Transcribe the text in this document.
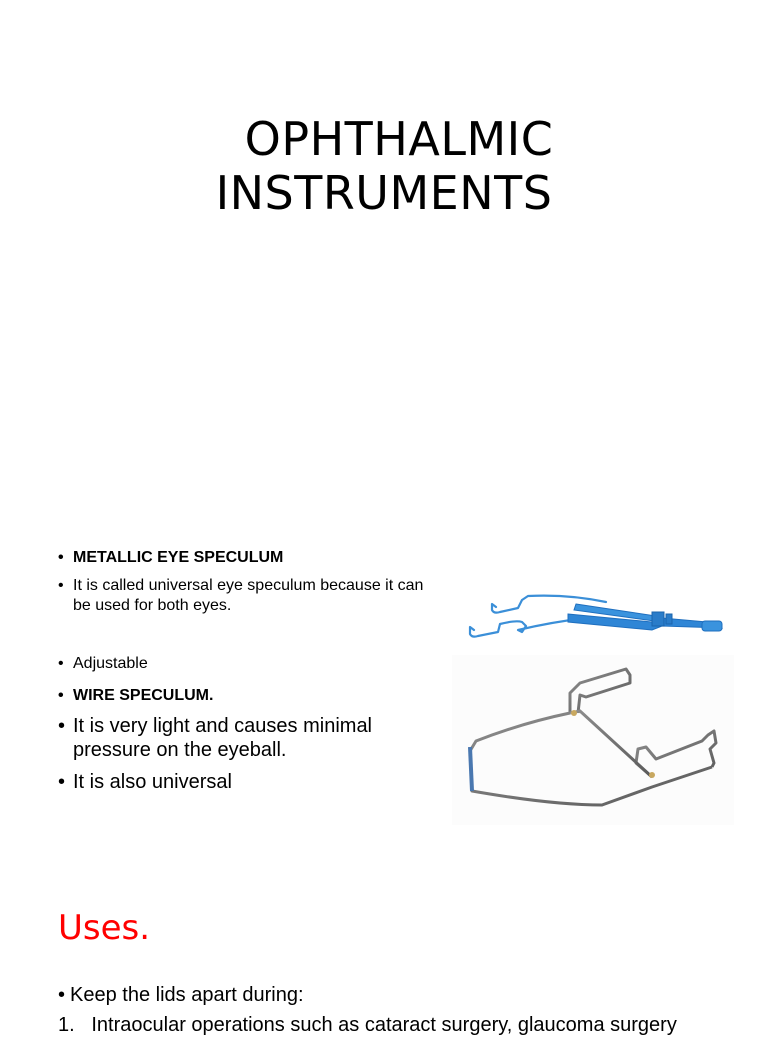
OPHTHALMIC
INSTRUMENTS
• METALLIC EYE SPECULUM
• It is called universal eye speculum because it can be used for both eyes.
• Adjustable
• WIRE SPECULUM.
• It is very light and causes minimal pressure on the eyeball.
• It is also universal
Uses.
• Keep the lids apart during:
1. Intraocular operations such as cataract surgery, glaucoma surgery
